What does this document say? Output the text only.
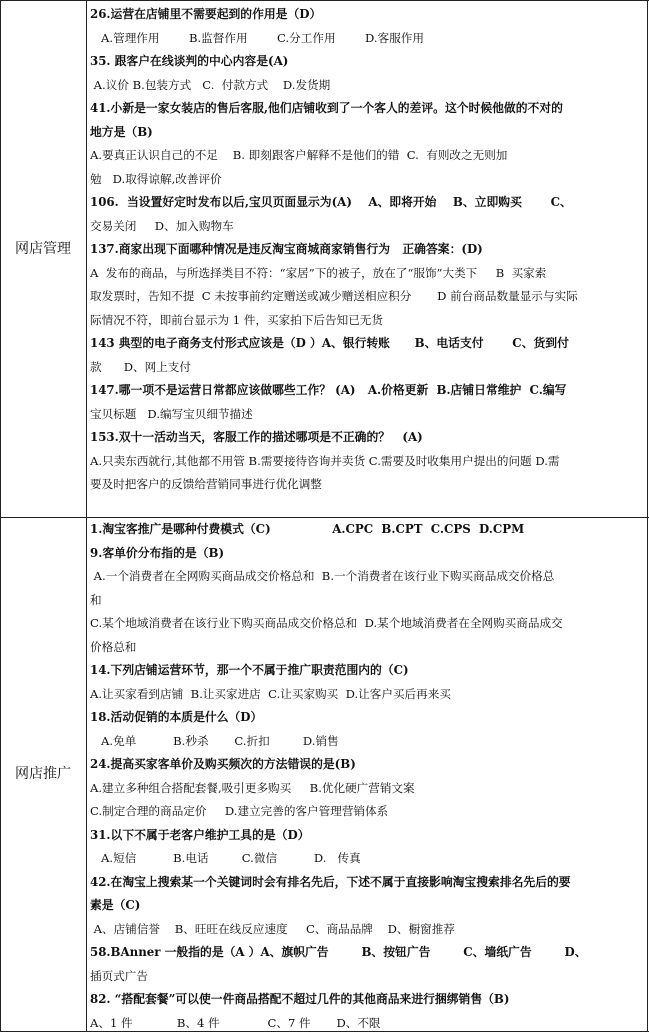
网店管理
26.运营在店铺里不需要起到的作用是（D）
A.管理作用        B.监督作用        C.分工作用        D.客服作用
35. 跟客户在线谈判的中心内容是(A)
A.议价 B.包装方式   C.  付款方式    D.发货期
41.小新是一家女装店的售后客服,他们店铺收到了一个客人的差评。这个时候他做的不对的
地方是（B)
A.要真正认识自己的不足    B. 即刻跟客户解释不是他们的错  C.  有则改之无则加
勉   D.取得谅解,改善评价
106.  当设置好定时发布以后,宝贝页面显示为(A)    A、即将开始    B、立即购买       C、
交易关闭     D、加入购物车
137.商家出现下面哪种情况是违反淘宝商城商家销售行为   正确答案：(D)
A  发布的商品，与所选择类目不符：“家居”下的被子，放在了“服饰”大类下     B  买家索
取发票时，告知不提  C 未按事前约定赠送或减少赠送相应积分       D 前台商品数量显示与实际
际情况不符，即前台显示为 1 件，买家拍下后告知已无货
143 典型的电子商务支付形式应该是（D ）A、银行转账      B、电话支付       C、货到付
款      D、网上支付
147.哪一项不是运营日常都应该做哪些工作？ (A)   A.价格更新  B.店铺日常维护  C.编写
宝贝标题   D.编写宝贝细节描述
153.双十一活动当天，客服工作的描述哪项是不正确的？   (A)
A.只卖东西就行,其他都不用管 B.需要接待咨询并卖货 C.需要及时收集用户提出的问题 D.需
要及时把客户的反馈给营销同事进行优化调整
网店推广
1.淘宝客推广是哪种付费模式（C)               A.CPC  B.CPT  C.CPS  D.CPM
9.客单价分布指的是（B)
A.一个消费者在全网购买商品成交价格总和  B.一个消费者在该行业下购买商品成交价格总
和
C.某个地域消费者在该行业下购买商品成交价格总和  D.某个地域消费者在全网购买商品成交
价格总和
14.下列店铺运营环节，那一个不属于推广职责范围内的（C)
A.让买家看到店铺  B.让买家进店  C.让买家购买  D.让客户买后再来买
18.活动促销的本质是什么（D）
A.免单          B.秒杀       C.折扣         D.销售
24.提高买家客单价及购买频次的方法错误的是(B)
A.建立多种组合搭配套餐,吸引更多购买     B.优化硬广营销文案
C.制定合理的商品定价     D.建立完善的客户管理营销体系
31.以下不属于老客户维护工具的是（D）
A.短信          B.电话         C.微信          D.   传真
42.在淘宝上搜索某一个关键词时会有排名先后，下述不属于直接影响淘宝搜索排名先后的要
素是（C)
A、店铺信誉    B、旺旺在线反应速度     C、商品品牌    D、橱窗推荐
58.BAnner 一般指的是（A ）A、旗帜广告        B、按钮广告        C、墙纸广告        D、
插页式广告
82. “搭配套餐”可以使一件商品搭配不超过几件的其他商品来进行捆绑销售（B)
A、1 件            B、4 件             C、7 件       D、不限
